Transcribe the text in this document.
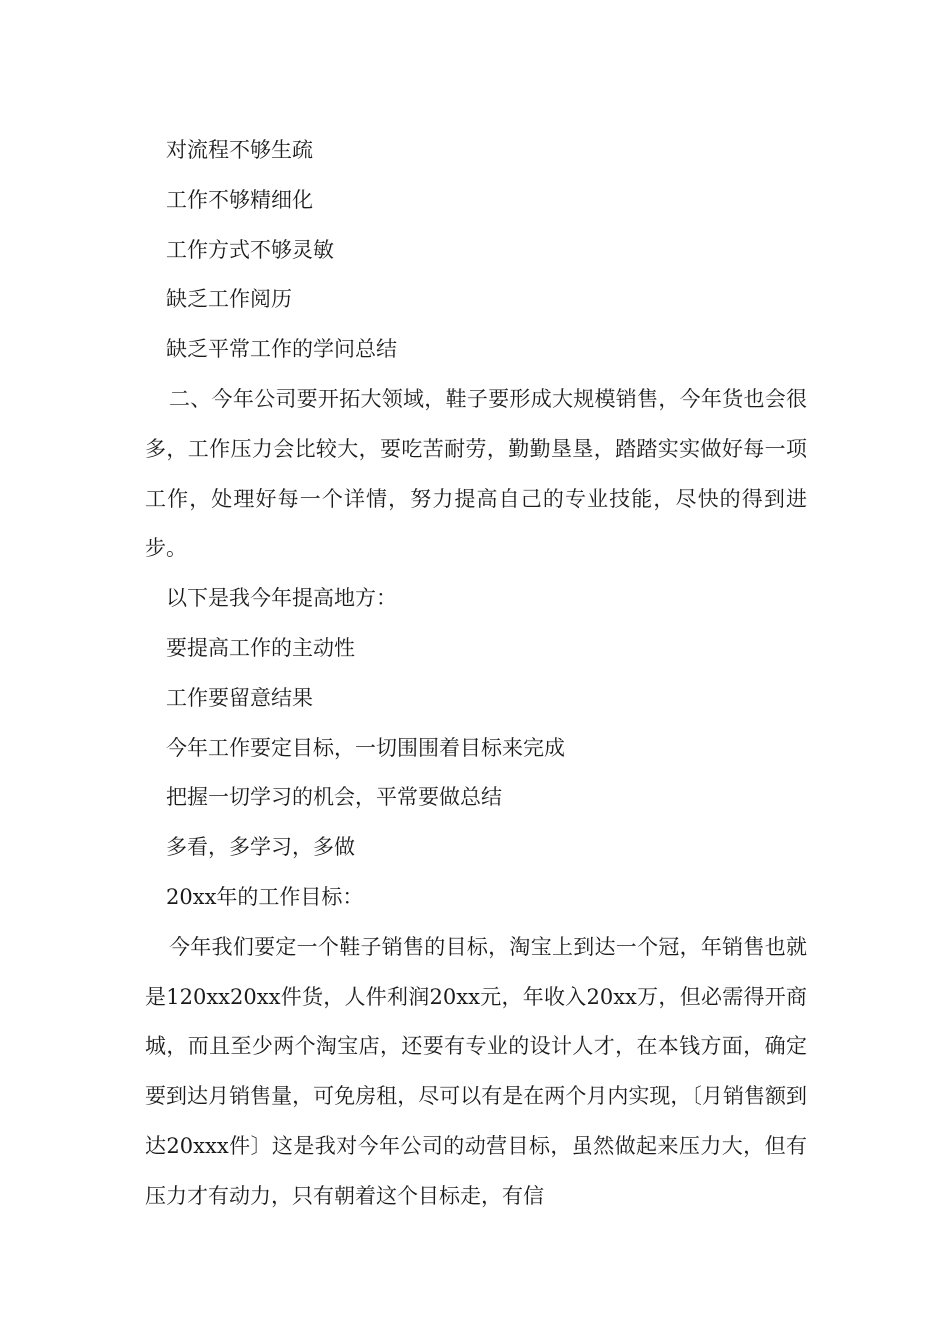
对流程不够生疏
工作不够精细化
工作方式不够灵敏
缺乏工作阅历
缺乏平常工作的学问总结

二、今年公司要开拓大领域，鞋子要形成大规模销售，今年货也会很多，工作压力会比较大，要吃苦耐劳，勤勤垦垦，踏踏实实做好每一项工作，处理好每一个详情，努力提高自己的专业技能，尽快的得到进步。

以下是我今年提高地方：
要提高工作的主动性
工作要留意结果
今年工作要定目标，一切围围着目标来完成
把握一切学习的机会，平常要做总结
多看，多学习，多做
20xx年的工作目标：

今年我们要定一个鞋子销售的目标，淘宝上到达一个冠，年销售也就是120xx20xx件货，人件利润20xx元，年收入20xx万，但必需得开商城，而且至少两个淘宝店，还要有专业的设计人才，在本钱方面，确定要到达月销售量，可免房租，尽可以有是在两个月内实现，〔月销售额到达20xxx件〕这是我对今年公司的动营目标，虽然做起来压力大，但有压力才有动力，只有朝着这个目标走，有信
